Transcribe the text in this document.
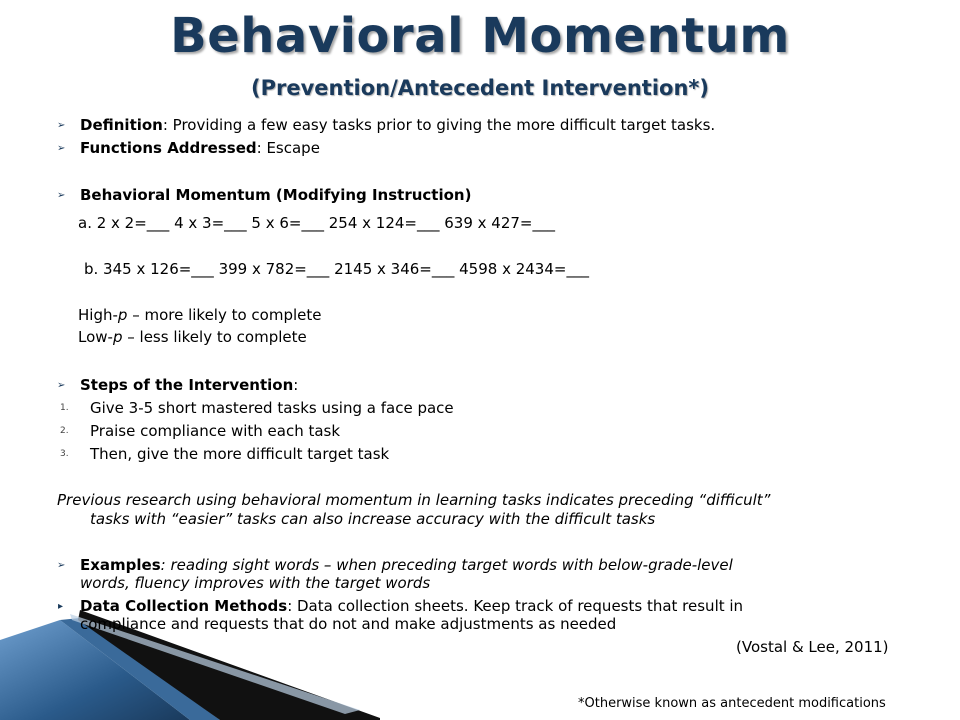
Behavioral Momentum
(Prevention/Antecedent Intervention*)
➢ Definition: Providing a few easy tasks prior to giving the more difficult target tasks.
➢ Functions Addressed: Escape
➢ Behavioral Momentum (Modifying Instruction)
a. 2 x 2=___ 4 x 3=___ 5 x 6=___ 254 x 124=___ 639 x 427=___
b. 345 x 126=___ 399 x 782=___ 2145 x 346=___ 4598 x 2434=___
High-p – more likely to complete
Low-p – less likely to complete
➢ Steps of the Intervention:
1. Give 3-5 short mastered tasks using a face pace
2. Praise compliance with each task
3. Then, give the more difficult target task
Previous research using behavioral momentum in learning tasks indicates preceding “difficult”
tasks with “easier” tasks can also increase accuracy with the difficult tasks
➢ Examples: reading sight words – when preceding target words with below-grade-level
words, fluency improves with the target words
▸ Data Collection Methods: Data collection sheets. Keep track of requests that result in
compliance and requests that do not and make adjustments as needed
(Vostal & Lee, 2011)
*Otherwise known as antecedent modifications
